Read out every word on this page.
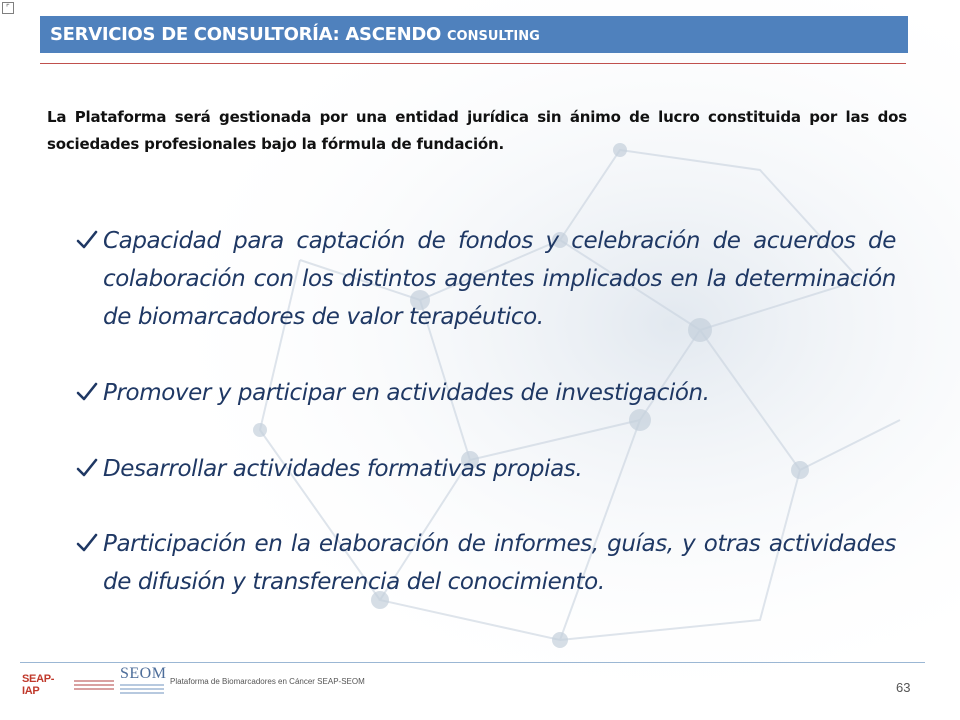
⌜
SERVICIOS DE CONSULTORÍA: ASCENDO CONSULTING
La Plataforma será gestionada por una entidad jurídica sin ánimo de lucro constituida por las dos sociedades profesionales bajo la fórmula de fundación.
Capacidad para captación de fondos y celebración de acuerdos de colaboración con los distintos agentes implicados en la determinación de biomarcadores de valor terapéutico.
Promover y participar en actividades de investigación.
Desarrollar actividades formativas propias.
Participación en la elaboración de informes, guías, y otras actividades de difusión y transferencia del conocimiento.
SEAP-IAP
SEOM Plataforma de Biomarcadores en Cáncer SEAP-SEOM	63
